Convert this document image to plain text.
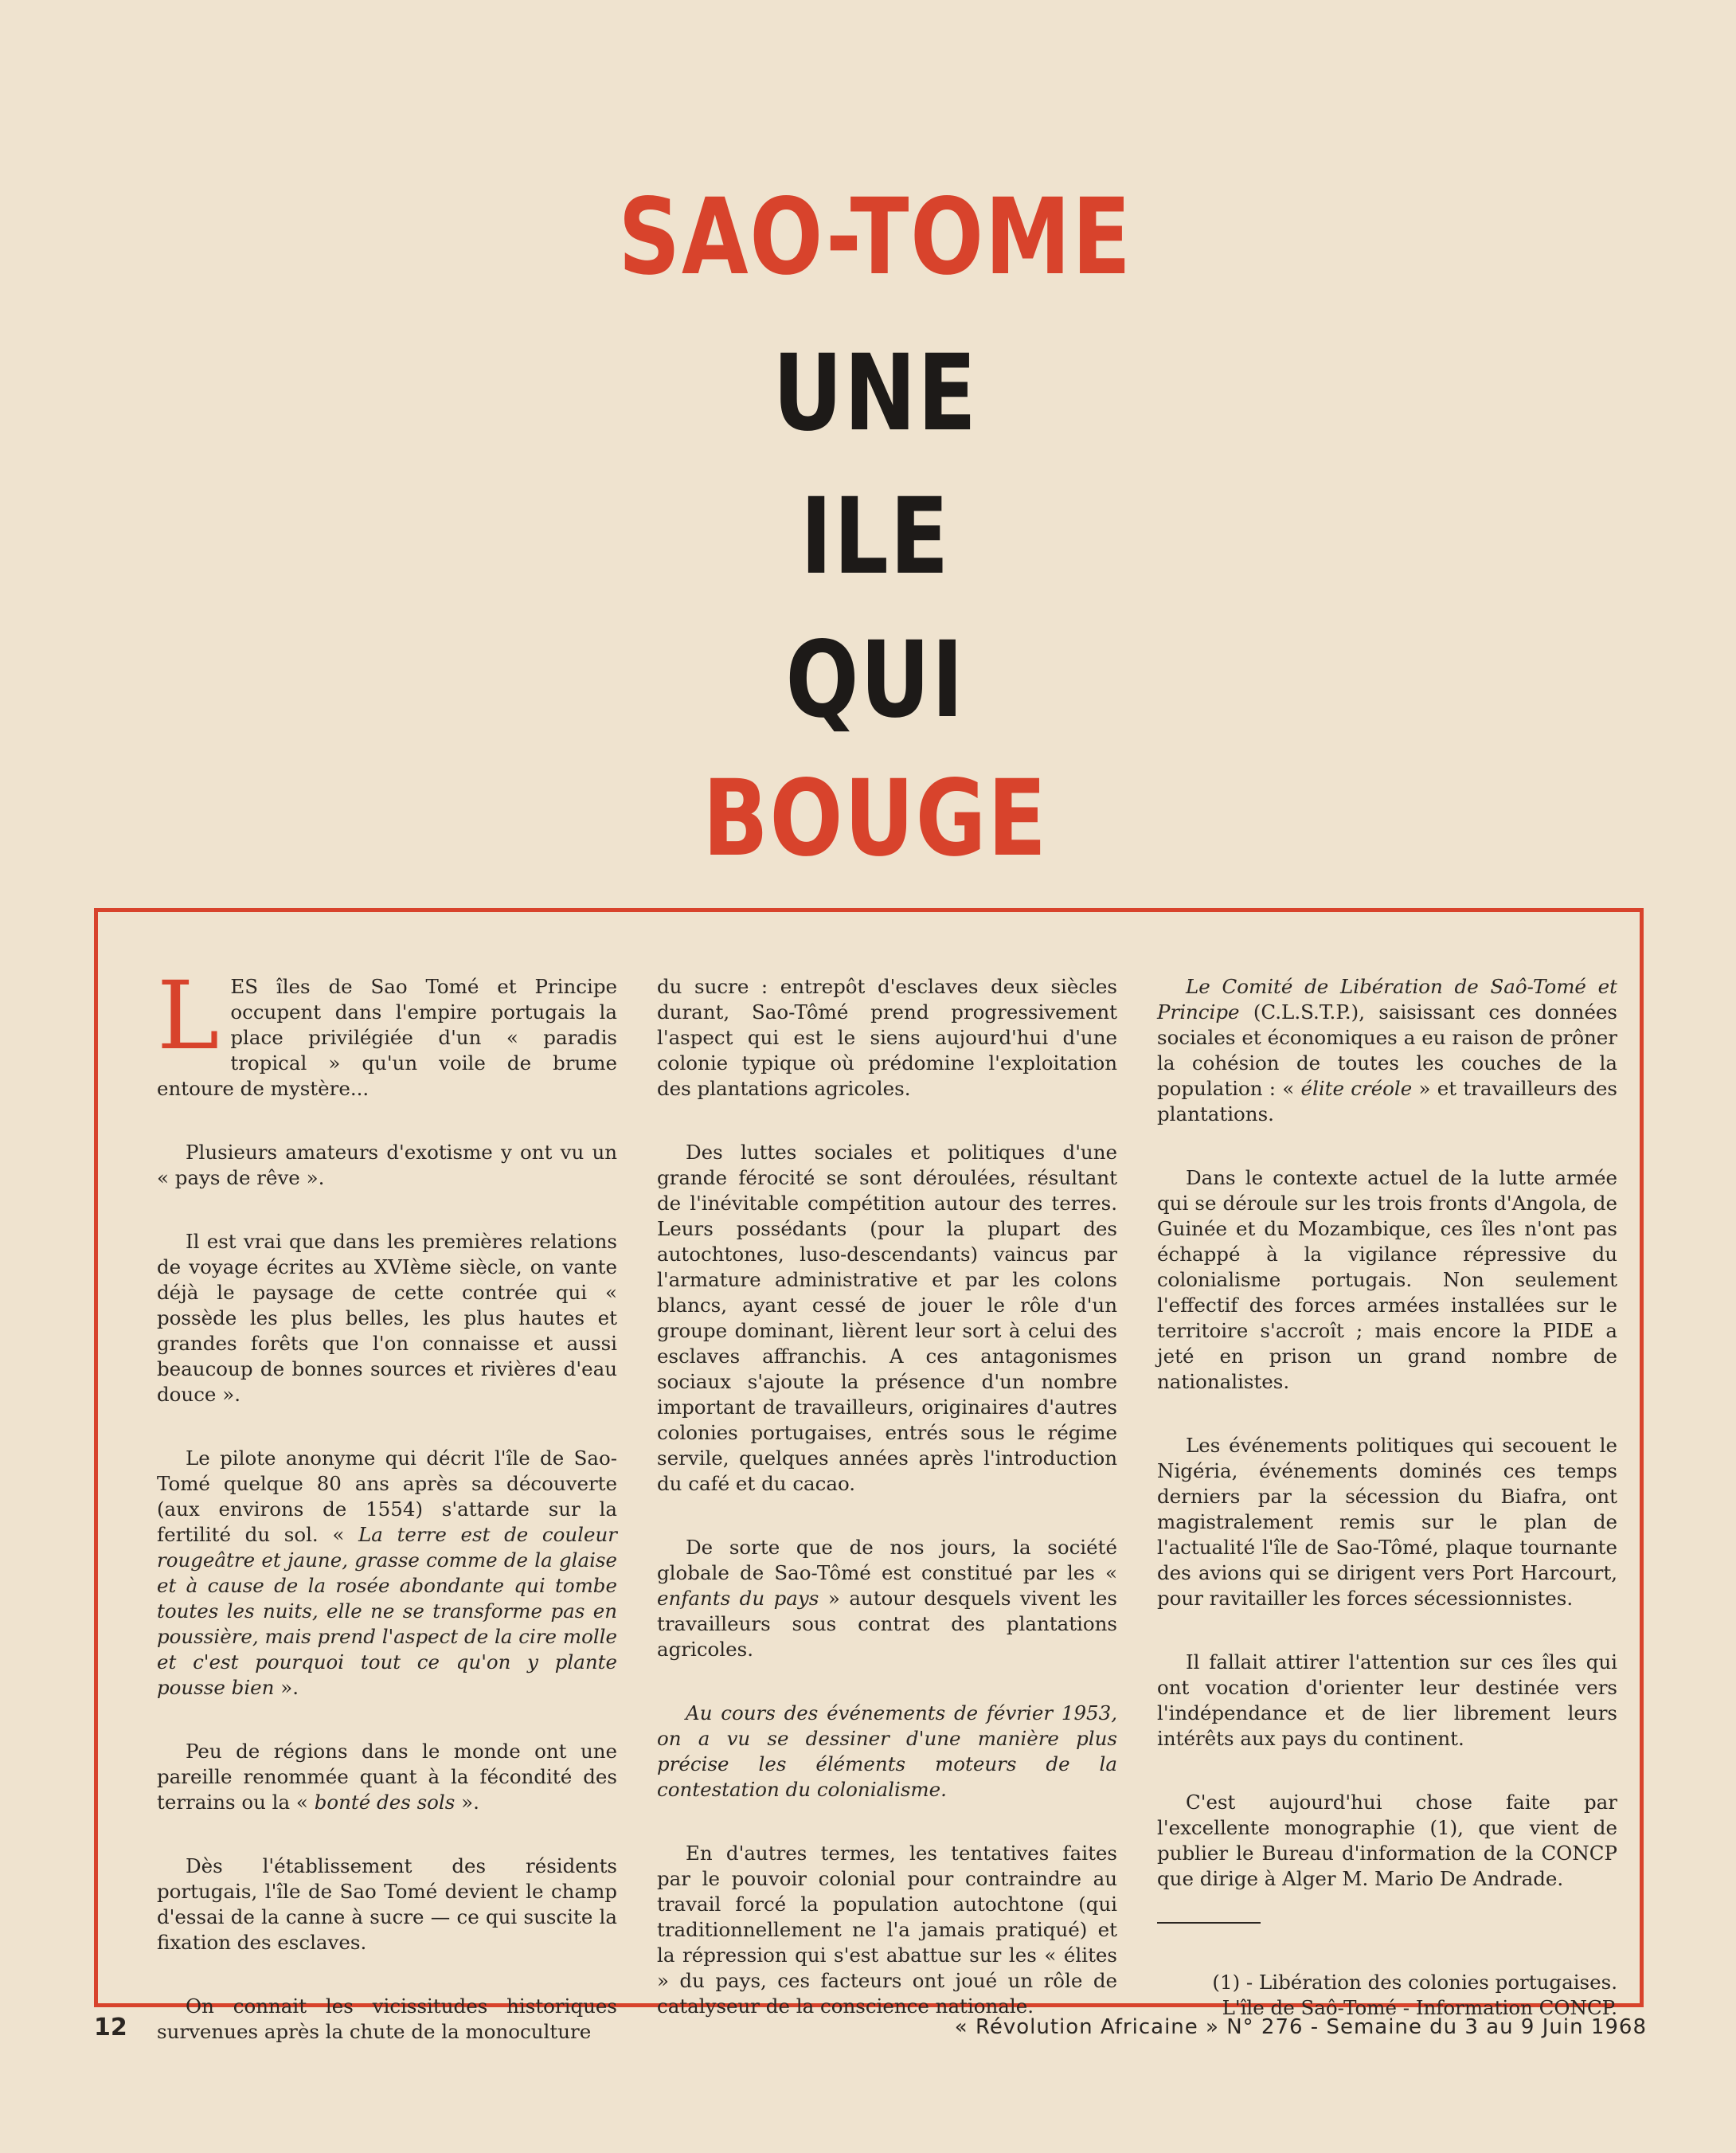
SAO-TOME
UNE
ILE
QUI
BOUGE

LES îles de Sao Tomé et Principe occupent dans l'empire portugais la place privilégiée d'un « paradis tropical » qu'un voile de brume entoure de mystère...

Plusieurs amateurs d'exotisme y ont vu un « pays de rêve ».

Il est vrai que dans les premières relations de voyage écrites au XVIème siècle, on vante déjà le paysage de cette contrée qui « possède les plus belles, les plus hautes et grandes forêts que l'on connaisse et aussi beaucoup de bonnes sources et rivières d'eau douce ».

Le pilote anonyme qui décrit l'île de Sao-Tomé quelque 80 ans après sa découverte (aux environs de 1554) s'attarde sur la fertilité du sol. « La terre est de couleur rougeâtre et jaune, grasse comme de la glaise et à cause de la rosée abondante qui tombe toutes les nuits, elle ne se transforme pas en poussière, mais prend l'aspect de la cire molle et c'est pourquoi tout ce qu'on y plante pousse bien ».

Peu de régions dans le monde ont une pareille renommée quant à la fécondité des terrains ou la « bonté des sols ».

Dès l'établissement des résidents portugais, l'île de Sao Tomé devient le champ d'essai de la canne à sucre — ce qui suscite la fixation des esclaves.

On connait les vicissitudes historiques survenues après la chute de la monoculture

du sucre : entrepôt d'esclaves deux siècles durant, Sao-Tômé prend progressivement l'aspect qui est le siens aujourd'hui d'une colonie typique où prédomine l'exploitation des plantations agricoles.

Des luttes sociales et politiques d'une grande férocité se sont déroulées, résultant de l'inévitable compétition autour des terres. Leurs possédants (pour la plupart des autochtones, luso-descendants) vaincus par l'armature administrative et par les colons blancs, ayant cessé de jouer le rôle d'un groupe dominant, lièrent leur sort à celui des esclaves affranchis. A ces antagonismes sociaux s'ajoute la présence d'un nombre important de travailleurs, originaires d'autres colonies portugaises, entrés sous le régime servile, quelques années après l'introduction du café et du cacao.

De sorte que de nos jours, la société globale de Sao-Tômé est constitué par les « enfants du pays » autour desquels vivent les travailleurs sous contrat des plantations agricoles.

Au cours des événements de février 1953, on a vu se dessiner d'une manière plus précise les éléments moteurs de la contestation du colonialisme.

En d'autres termes, les tentatives faites par le pouvoir colonial pour contraindre au travail forcé la population autochtone (qui traditionnellement ne l'a jamais pratiqué) et la répression qui s'est abattue sur les « élites » du pays, ces facteurs ont joué un rôle de catalyseur de la conscience nationale.

Le Comité de Libération de Saô-Tomé et Principe (C.L.S.T.P.), saisissant ces données sociales et économiques a eu raison de prôner la cohésion de toutes les couches de la population : « élite créole » et travailleurs des plantations.

Dans le contexte actuel de la lutte armée qui se déroule sur les trois fronts d'Angola, de Guinée et du Mozambique, ces îles n'ont pas échappé à la vigilance répressive du colonialisme portugais. Non seulement l'effectif des forces armées installées sur le territoire s'accroît ; mais encore la PIDE a jeté en prison un grand nombre de nationalistes.

Les événements politiques qui secouent le Nigéria, événements dominés ces temps derniers par la sécession du Biafra, ont magistralement remis sur le plan de l'actualité l'île de Sao-Tômé, plaque tournante des avions qui se dirigent vers Port Harcourt, pour ravitailler les forces sécessionnistes.

Il fallait attirer l'attention sur ces îles qui ont vocation d'orienter leur destinée vers l'indépendance et de lier librement leurs intérêts aux pays du continent.

C'est aujourd'hui chose faite par l'excellente monographie (1), que vient de publier le Bureau d'information de la CONCP que dirige à Alger M. Mario De Andrade.

(1) - Libération des colonies portugaises.
L'île de Saô-Tomé - Information CONCP.

12	« Révolution Africaine » N° 276 - Semaine du 3 au 9 Juin 1968
